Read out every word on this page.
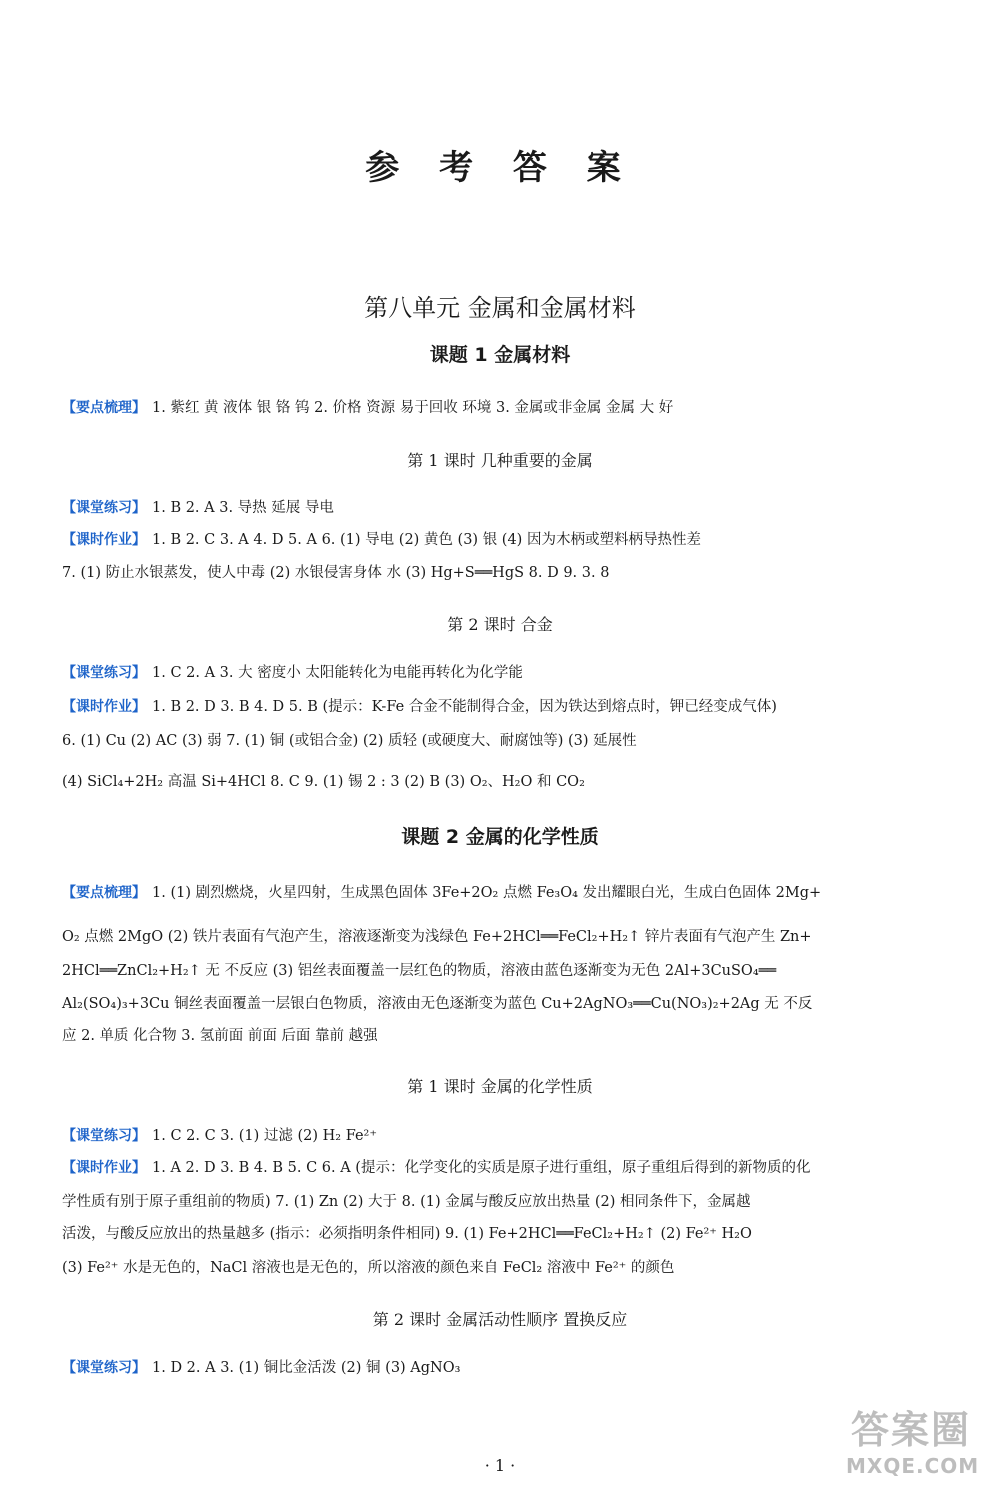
参 考 答 案
第八单元 金属和金属材料
课题 1 金属材料
【要点梳理】 1. 紫红 黄 液体 银 铬 钨 2. 价格 资源 易于回收 环境 3. 金属或非金属 金属 大 好
第 1 课时 几种重要的金属
【课堂练习】 1. B 2. A 3. 导热 延展 导电
【课时作业】 1. B 2. C 3. A 4. D 5. A 6. (1) 导电 (2) 黄色 (3) 银 (4) 因为木柄或塑料柄导热性差
7. (1) 防止水银蒸发，使人中毒 (2) 水银侵害身体 水 (3) Hg+S══HgS 8. D 9. 3. 8
第 2 课时 合金
【课堂练习】 1. C 2. A 3. 大 密度小 太阳能转化为电能再转化为化学能
【课时作业】 1. B 2. D 3. B 4. D 5. B (提示：K-Fe 合金不能制得合金，因为铁达到熔点时，钾已经变成气体)
6. (1) Cu (2) AC (3) 弱 7. (1) 铜 (或铝合金) (2) 质轻 (或硬度大、耐腐蚀等) (3) 延展性
(4) SiCl₄+2H₂ 高温 Si+4HCl 8. C 9. (1) 锡 2 : 3 (2) B (3) O₂、H₂O 和 CO₂
课题 2 金属的化学性质
【要点梳理】 1. (1) 剧烈燃烧，火星四射，生成黑色固体 3Fe+2O₂ 点燃 Fe₃O₄ 发出耀眼白光，生成白色固体 2Mg+
O₂ 点燃 2MgO (2) 铁片表面有气泡产生，溶液逐渐变为浅绿色 Fe+2HCl══FeCl₂+H₂↑ 锌片表面有气泡产生 Zn+
2HCl══ZnCl₂+H₂↑ 无 不反应 (3) 铝丝表面覆盖一层红色的物质，溶液由蓝色逐渐变为无色 2Al+3CuSO₄══
Al₂(SO₄)₃+3Cu 铜丝表面覆盖一层银白色物质，溶液由无色逐渐变为蓝色 Cu+2AgNO₃══Cu(NO₃)₂+2Ag 无 不反
应 2. 单质 化合物 3. 氢前面 前面 后面 靠前 越强
第 1 课时 金属的化学性质
【课堂练习】 1. C 2. C 3. (1) 过滤 (2) H₂ Fe²⁺
【课时作业】 1. A 2. D 3. B 4. B 5. C 6. A (提示：化学变化的实质是原子进行重组，原子重组后得到的新物质的化
学性质有别于原子重组前的物质) 7. (1) Zn (2) 大于 8. (1) 金属与酸反应放出热量 (2) 相同条件下，金属越
活泼，与酸反应放出的热量越多 (指示：必须指明条件相同) 9. (1) Fe+2HCl══FeCl₂+H₂↑ (2) Fe²⁺ H₂O
(3) Fe²⁺ 水是无色的，NaCl 溶液也是无色的，所以溶液的颜色来自 FeCl₂ 溶液中 Fe²⁺ 的颜色
第 2 课时 金属活动性顺序 置换反应
【课堂练习】 1. D 2. A 3. (1) 铜比金活泼 (2) 铜 (3) AgNO₃
· 1 ·
答案圈
MXQE.COM
